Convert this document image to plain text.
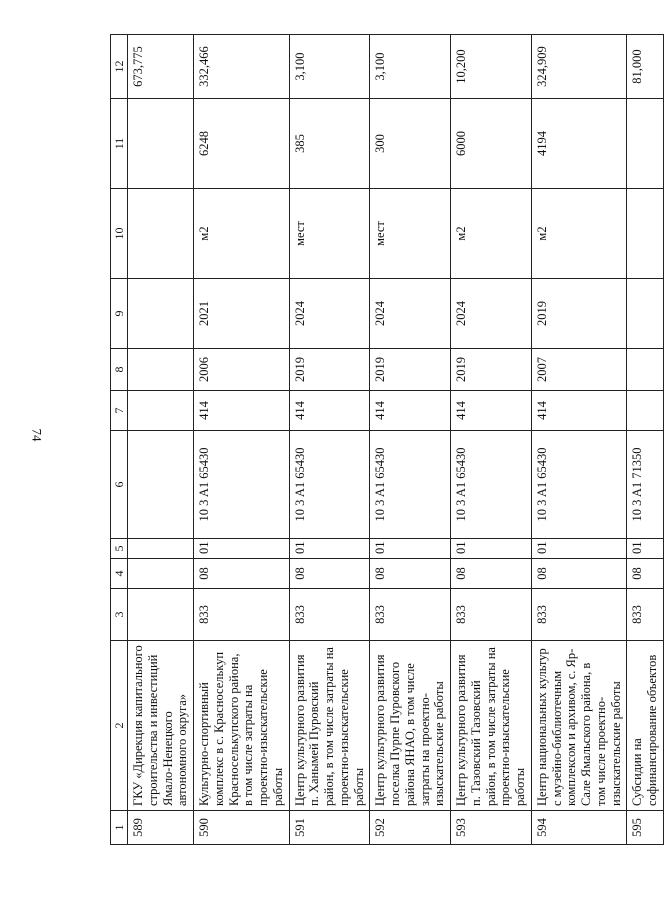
74
1	2	3	4	5	6	7	8	9	10	11	12
589	ГКУ «Дирекция капитального строительства и инвестиций Ямало-Ненецкого автономного округа»										673,775
590	Культурно-спортивный комплекс в с. Красноселькуп Красноселькупского района, в том числе затраты на проектно-изыскательские работы	833	08	01	10 3 A1 65430	414	2006	2021	м2	6248	332,466
591	Центр культурного развития п. Ханымей Пуровский район, в том числе затраты на проектно-изыскательские работы	833	08	01	10 3 A1 65430	414	2019	2024	мест	385	3,100
592	Центр культурного развития поселка Пурпе Пуровского района ЯНАО, в том числе затраты на проектно-изыскательские работы	833	08	01	10 3 A1 65430	414	2019	2024	мест	300	3,100
593	Центр культурного развития п. Тазовский Тазовский район, в том числе затраты на проектно-изыскательские работы	833	08	01	10 3 A1 65430	414	2019	2024	м2	6000	10,200
594	Центр национальных культур с музейно-библиотечным комплексом и архивом, с. Яр-Сале Ямальского района, в том числе проектно-изыскательские работы	833	08	01	10 3 A1 65430	414	2007	2019	м2	4194	324,909
595	Субсидии на софинансирование объектов	833	08	01	10 3 A1 71350						81,000
